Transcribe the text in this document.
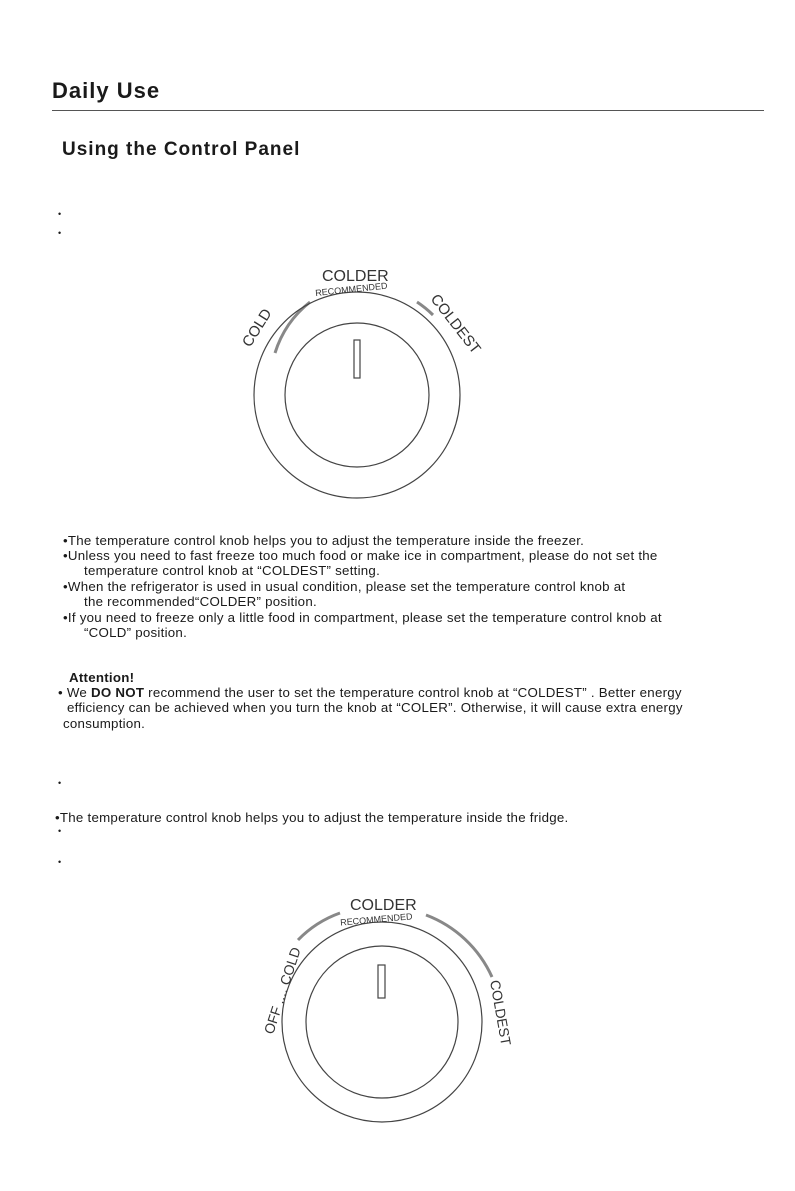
Daily Use
Using the Control Panel
•
•
COLDER
RECOMMENDED
COLD	COLDEST
•The temperature control knob helps you to adjust the temperature inside the freezer.
•Unless you need to fast freeze too much food or make ice in compartment, please do not set the
temperature control knob at “COLDEST” setting.
•When the refrigerator is used in usual condition, please set the temperature control knob at
the recommended“COLDER” position.
•If you need to freeze only a little food in compartment, please set the temperature control knob at
“COLD” position.
Attention!
• We DO NOT recommend the user to set the temperature control knob at “COLDEST” . Better energy
efficiency can be achieved when you turn the knob at “COLER”. Otherwise, it will cause extra energy
consumption.
•
•The temperature control knob helps you to adjust the temperature inside the fridge.
•
•
COLDER
RECOMMENDED
OFF .... COLD	COLDEST
